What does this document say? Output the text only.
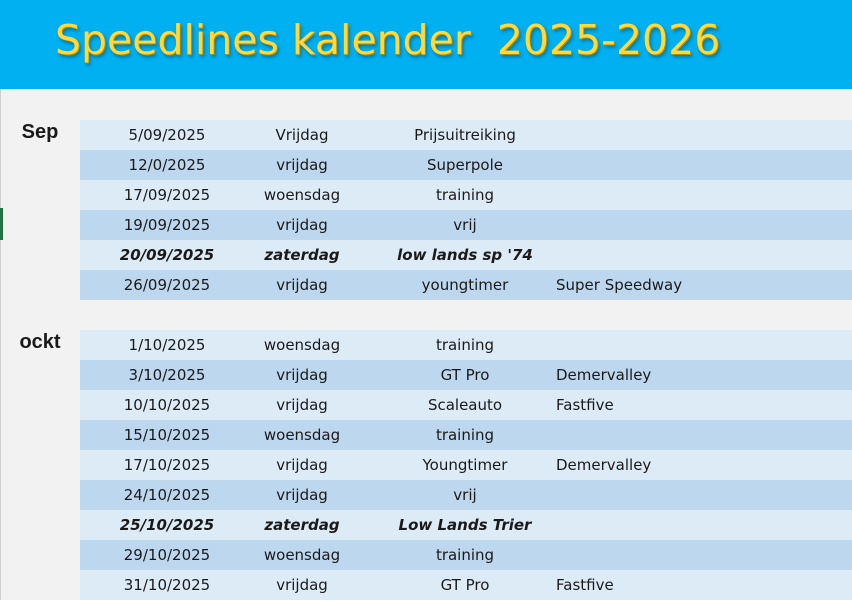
Speedlines kalender  2025-2026
Sep	5/09/2025	Vrijdag	Prijsuitreiking
12/0/2025	vrijdag	Superpole
17/09/2025	woensdag	training
19/09/2025	vrijdag	vrij
20/09/2025	zaterdag	low lands sp '74
26/09/2025	vrijdag	youngtimer	Super Speedway
ockt	1/10/2025	woensdag	training
3/10/2025	vrijdag	GT Pro	Demervalley
10/10/2025	vrijdag	Scaleauto	Fastfive
15/10/2025	woensdag	training
17/10/2025	vrijdag	Youngtimer	Demervalley
24/10/2025	vrijdag	vrij
25/10/2025	zaterdag	Low Lands Trier
29/10/2025	woensdag	training
31/10/2025	vrijdag	GT Pro	Fastfive
